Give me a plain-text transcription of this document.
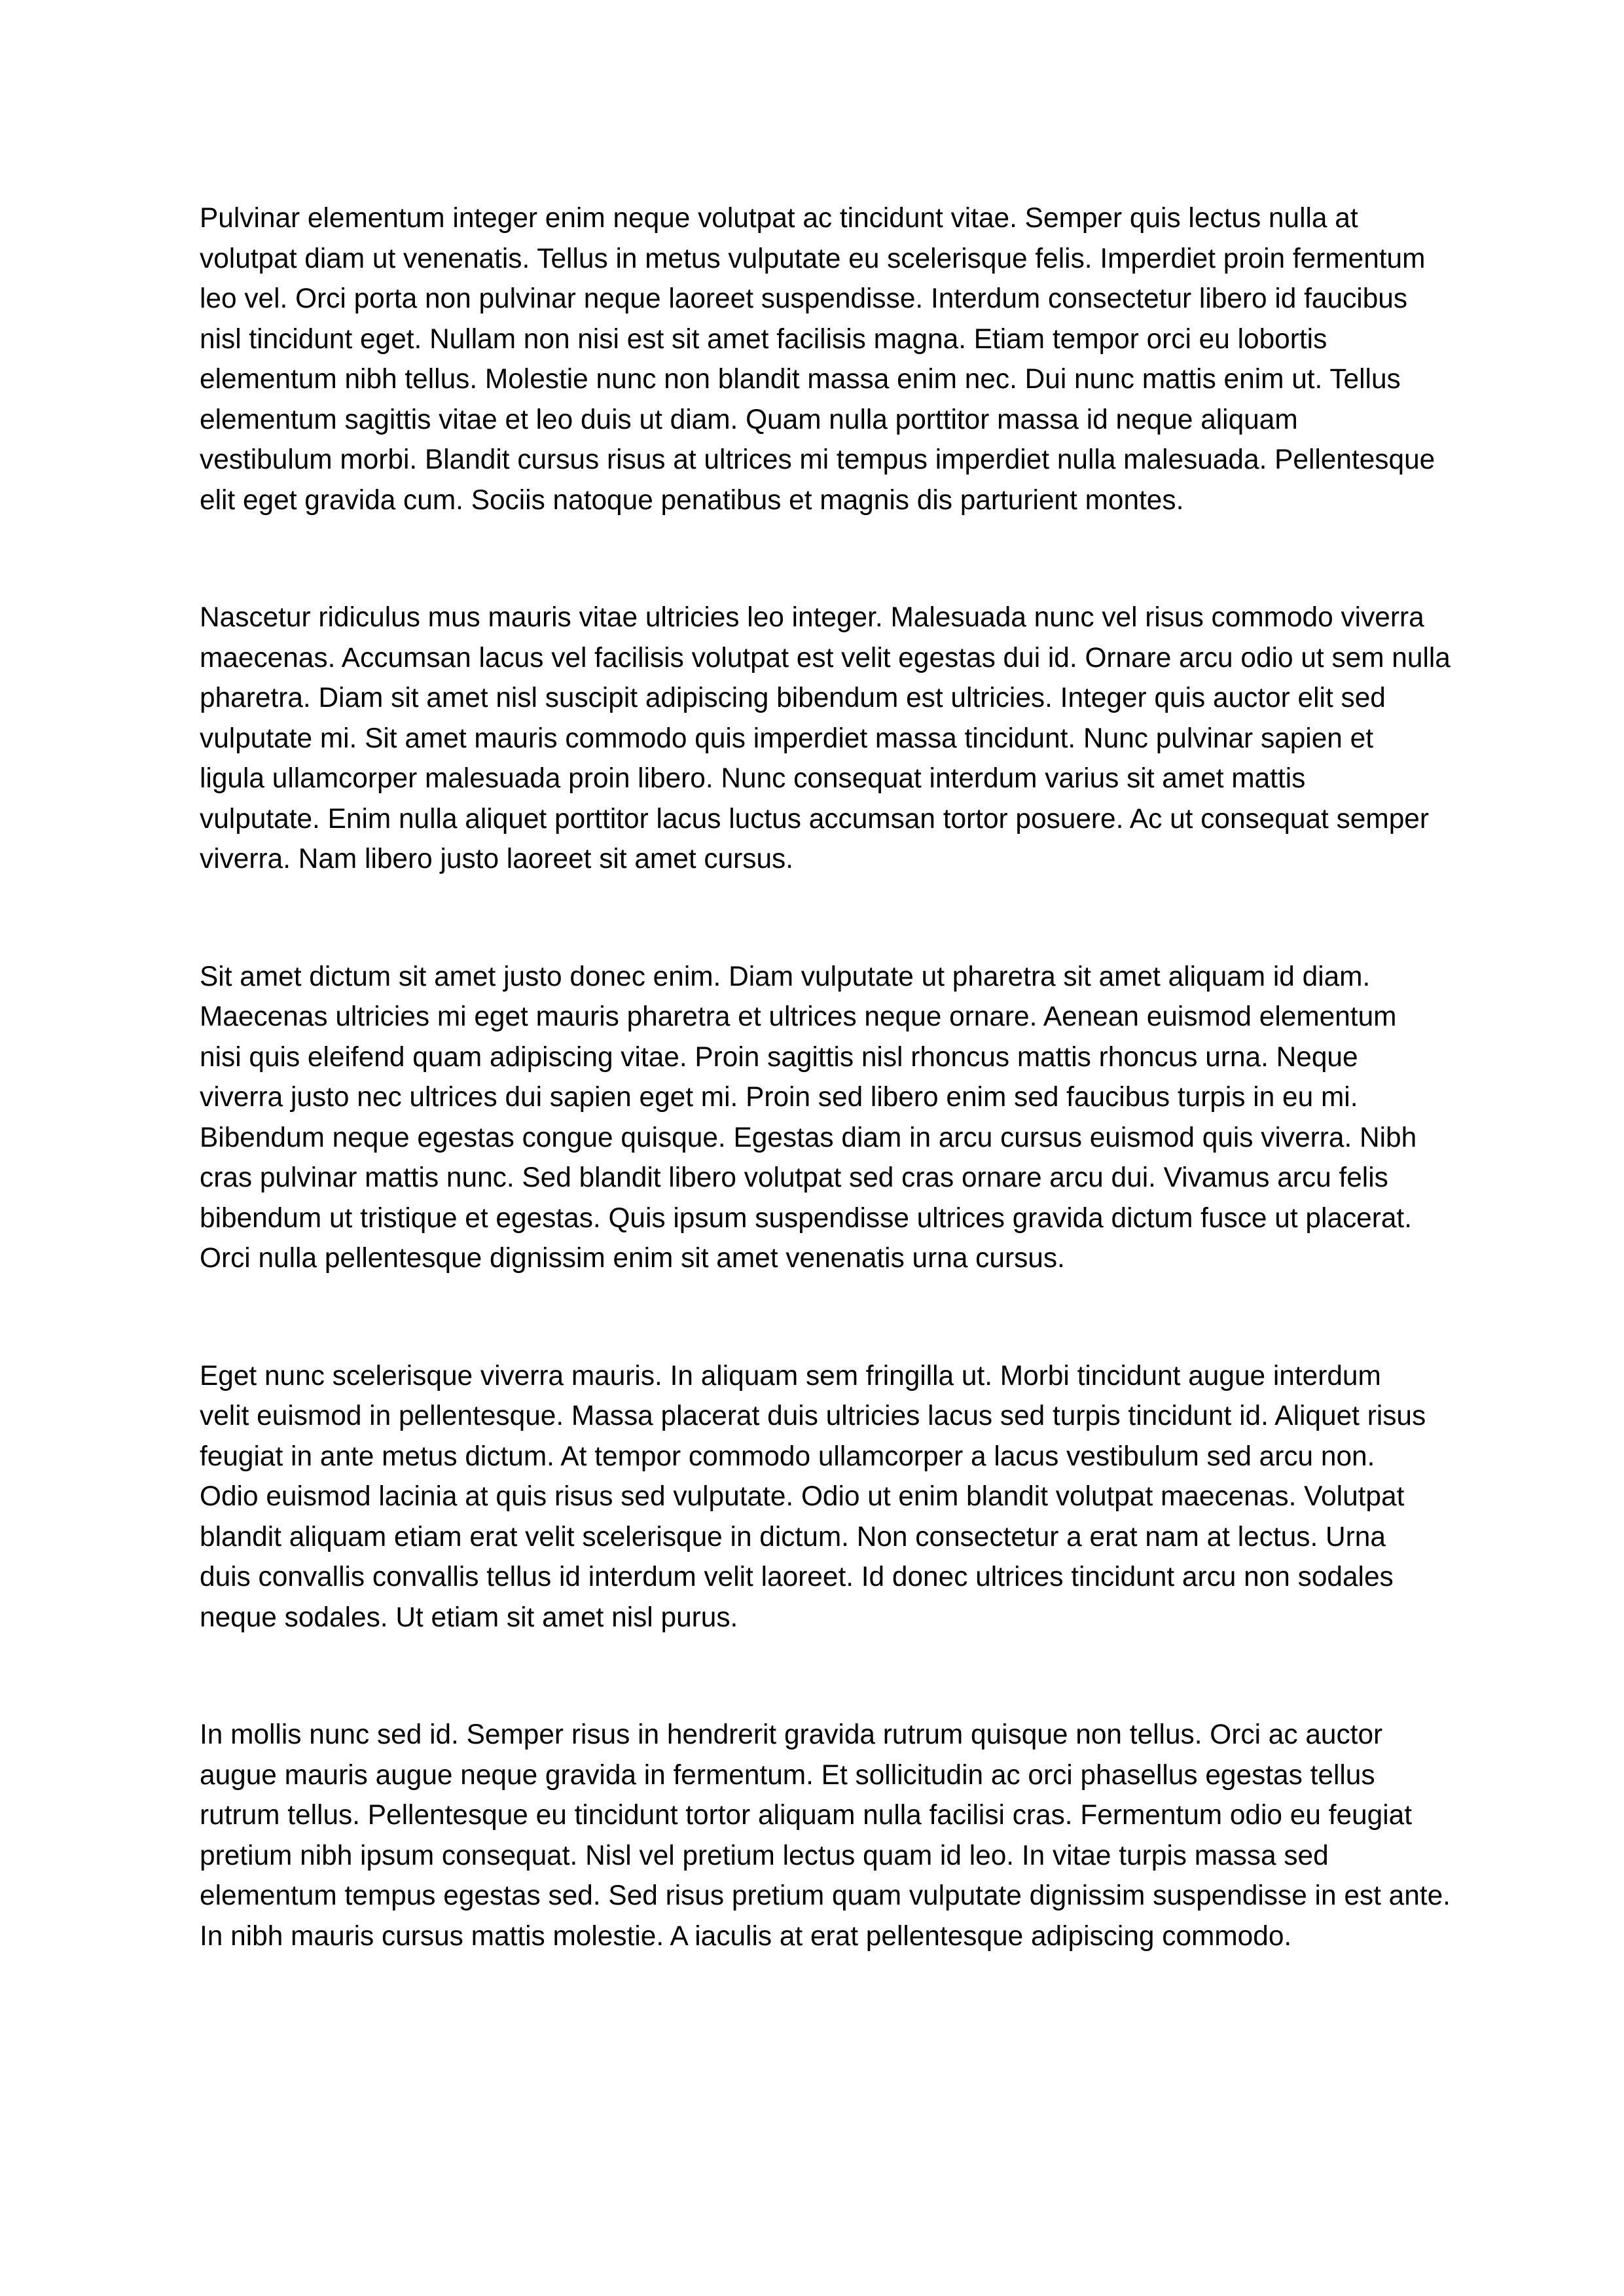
Pulvinar elementum integer enim neque volutpat ac tincidunt vitae. Semper quis lectus nulla at
volutpat diam ut venenatis. Tellus in metus vulputate eu scelerisque felis. Imperdiet proin fermentum
leo vel. Orci porta non pulvinar neque laoreet suspendisse. Interdum consectetur libero id faucibus
nisl tincidunt eget. Nullam non nisi est sit amet facilisis magna. Etiam tempor orci eu lobortis
elementum nibh tellus. Molestie nunc non blandit massa enim nec. Dui nunc mattis enim ut. Tellus
elementum sagittis vitae et leo duis ut diam. Quam nulla porttitor massa id neque aliquam
vestibulum morbi. Blandit cursus risus at ultrices mi tempus imperdiet nulla malesuada. Pellentesque
elit eget gravida cum. Sociis natoque penatibus et magnis dis parturient montes.
Nascetur ridiculus mus mauris vitae ultricies leo integer. Malesuada nunc vel risus commodo viverra
maecenas. Accumsan lacus vel facilisis volutpat est velit egestas dui id. Ornare arcu odio ut sem nulla
pharetra. Diam sit amet nisl suscipit adipiscing bibendum est ultricies. Integer quis auctor elit sed
vulputate mi. Sit amet mauris commodo quis imperdiet massa tincidunt. Nunc pulvinar sapien et
ligula ullamcorper malesuada proin libero. Nunc consequat interdum varius sit amet mattis
vulputate. Enim nulla aliquet porttitor lacus luctus accumsan tortor posuere. Ac ut consequat semper
viverra. Nam libero justo laoreet sit amet cursus.
Sit amet dictum sit amet justo donec enim. Diam vulputate ut pharetra sit amet aliquam id diam.
Maecenas ultricies mi eget mauris pharetra et ultrices neque ornare. Aenean euismod elementum
nisi quis eleifend quam adipiscing vitae. Proin sagittis nisl rhoncus mattis rhoncus urna. Neque
viverra justo nec ultrices dui sapien eget mi. Proin sed libero enim sed faucibus turpis in eu mi.
Bibendum neque egestas congue quisque. Egestas diam in arcu cursus euismod quis viverra. Nibh
cras pulvinar mattis nunc. Sed blandit libero volutpat sed cras ornare arcu dui. Vivamus arcu felis
bibendum ut tristique et egestas. Quis ipsum suspendisse ultrices gravida dictum fusce ut placerat.
Orci nulla pellentesque dignissim enim sit amet venenatis urna cursus.
Eget nunc scelerisque viverra mauris. In aliquam sem fringilla ut. Morbi tincidunt augue interdum
velit euismod in pellentesque. Massa placerat duis ultricies lacus sed turpis tincidunt id. Aliquet risus
feugiat in ante metus dictum. At tempor commodo ullamcorper a lacus vestibulum sed arcu non.
Odio euismod lacinia at quis risus sed vulputate. Odio ut enim blandit volutpat maecenas. Volutpat
blandit aliquam etiam erat velit scelerisque in dictum. Non consectetur a erat nam at lectus. Urna
duis convallis convallis tellus id interdum velit laoreet. Id donec ultrices tincidunt arcu non sodales
neque sodales. Ut etiam sit amet nisl purus.
In mollis nunc sed id. Semper risus in hendrerit gravida rutrum quisque non tellus. Orci ac auctor
augue mauris augue neque gravida in fermentum. Et sollicitudin ac orci phasellus egestas tellus
rutrum tellus. Pellentesque eu tincidunt tortor aliquam nulla facilisi cras. Fermentum odio eu feugiat
pretium nibh ipsum consequat. Nisl vel pretium lectus quam id leo. In vitae turpis massa sed
elementum tempus egestas sed. Sed risus pretium quam vulputate dignissim suspendisse in est ante.
In nibh mauris cursus mattis molestie. A iaculis at erat pellentesque adipiscing commodo.
